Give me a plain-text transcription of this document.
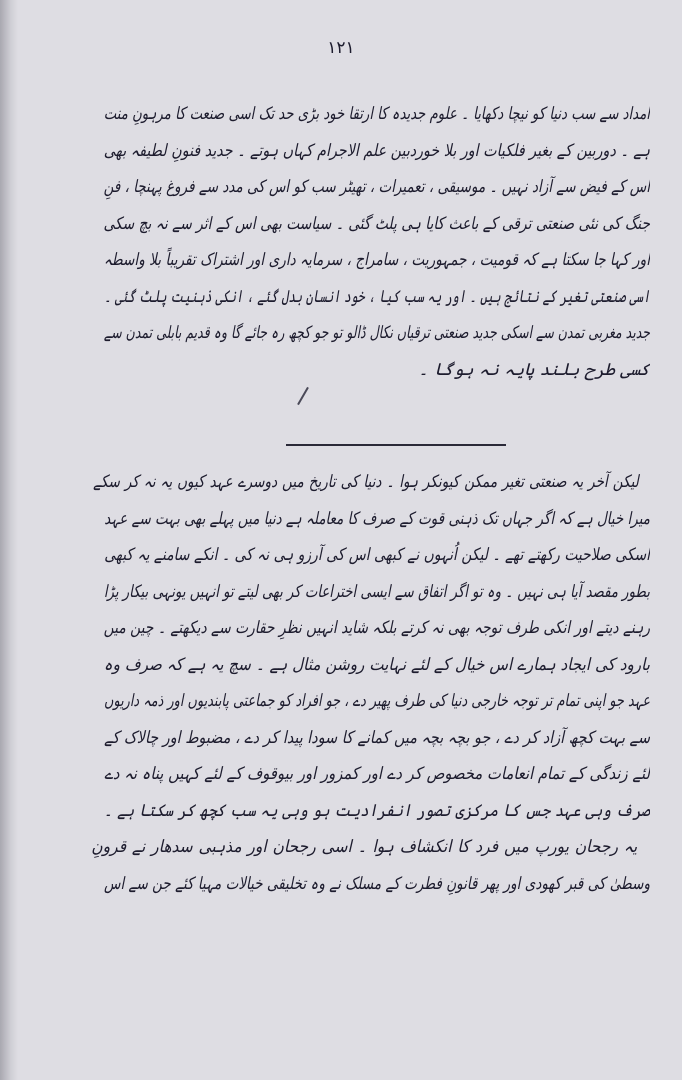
١٢١
امداد سے سب دنیا کو نیچا دکھایا ۔ علوم جدیدہ کا ارتقا خود بڑی حد تک اسی صنعت کا مرہونِ منت
ہے ۔ دوربین کے بغیر فلکیات اور بلا خوردبین علم الاجرام کہاں ہوتے ۔ جدید فنونِ لطیفہ بھی
اس کے فیض سے آزاد نہیں ۔ موسیقی ، تعمیرات ، تھیٹر سب کو اس کی مدد سے فروغ پہنچا ، فنِ
جنگ کی نئی صنعتی ترقی کے باعث کایا ہی پلٹ گئی ۔ سیاست بھی اس کے اثر سے نہ بچ سکی
اور کہا جا سکتا ہے کہ قومیت ، جمہوریت ، سامراج ، سرمایہ داری اور اشتراک تقریباً بلا واسطہ
اسی صنعتی تغیر کے نتائج ہیں ۔ اور یہ سب کیا ، خود انسان بدل گئے ، انکی ذہنیت پلٹ گئی ۔
جدید مغربی تمدن سے اسکی جدید صنعتی ترقیاں نکال ڈالو تو جو کچھ رہ جائے گا وہ قدیم بابلی تمدن سے
کسی طرح بلند پایہ نہ ہوگا ۔
لیکن آخر یہ صنعتی تغیر ممکن کیونکر ہوا ۔ دنیا کی تاریخ میں دوسرے عہد کیوں یہ نہ کر سکے
میرا خیال ہے کہ اگر جہاں تک ذہنی قوت کے صرف کا معاملہ ہے دنیا میں پہلے بھی بہت سے عہد
اسکی صلاحیت رکھتے تھے ۔ لیکن اُنہوں نے کبھی اس کی آرزو ہی نہ کی ۔ انکے سامنے یہ کبھی
بطور مقصد آیا ہی نہیں ۔ وہ تو اگر اتفاق سے ایسی اختراعات کر بھی لیتے تو انہیں یونہی بیکار پڑا
رہنے دیتے اور انکی طرف توجہ بھی نہ کرتے بلکہ شاید انہیں نظرِ حقارت سے دیکھتے ۔ چین میں
بارود کی ایجاد ہمارے اس خیال کے لئے نہایت روشن مثال ہے ۔ سچ یہ ہے کہ صرف وہ
عہد جو اپنی تمام تر توجہ خارجی دنیا کی طرف پھیر دے ، جو افراد کو جماعتی پابندیوں اور ذمہ داریوں
سے بہت کچھ آزاد کر دے ، جو بچہ بچہ میں کمانے کا سودا پیدا کر دے ، مضبوط اور چالاک کے
لئے زندگی کے تمام انعامات مخصوص کر دے اور کمزور اور بیوقوف کے لئے کہیں پناہ نہ دے
صرف وہی عہد جس کا مرکزی تصور انفرادیت ہو وہی یہ سب کچھ کر سکتا ہے ۔
یہ رجحان یورپ میں فرد کا انکشاف ہوا ۔ اسی رجحان اور مذہبی سدھار نے قرونِ
وسطیٰ کی قبر کھودی اور پھر قانونِ فطرت کے مسلک نے وہ تخلیقی خیالات مہیا کئے جن سے اس
